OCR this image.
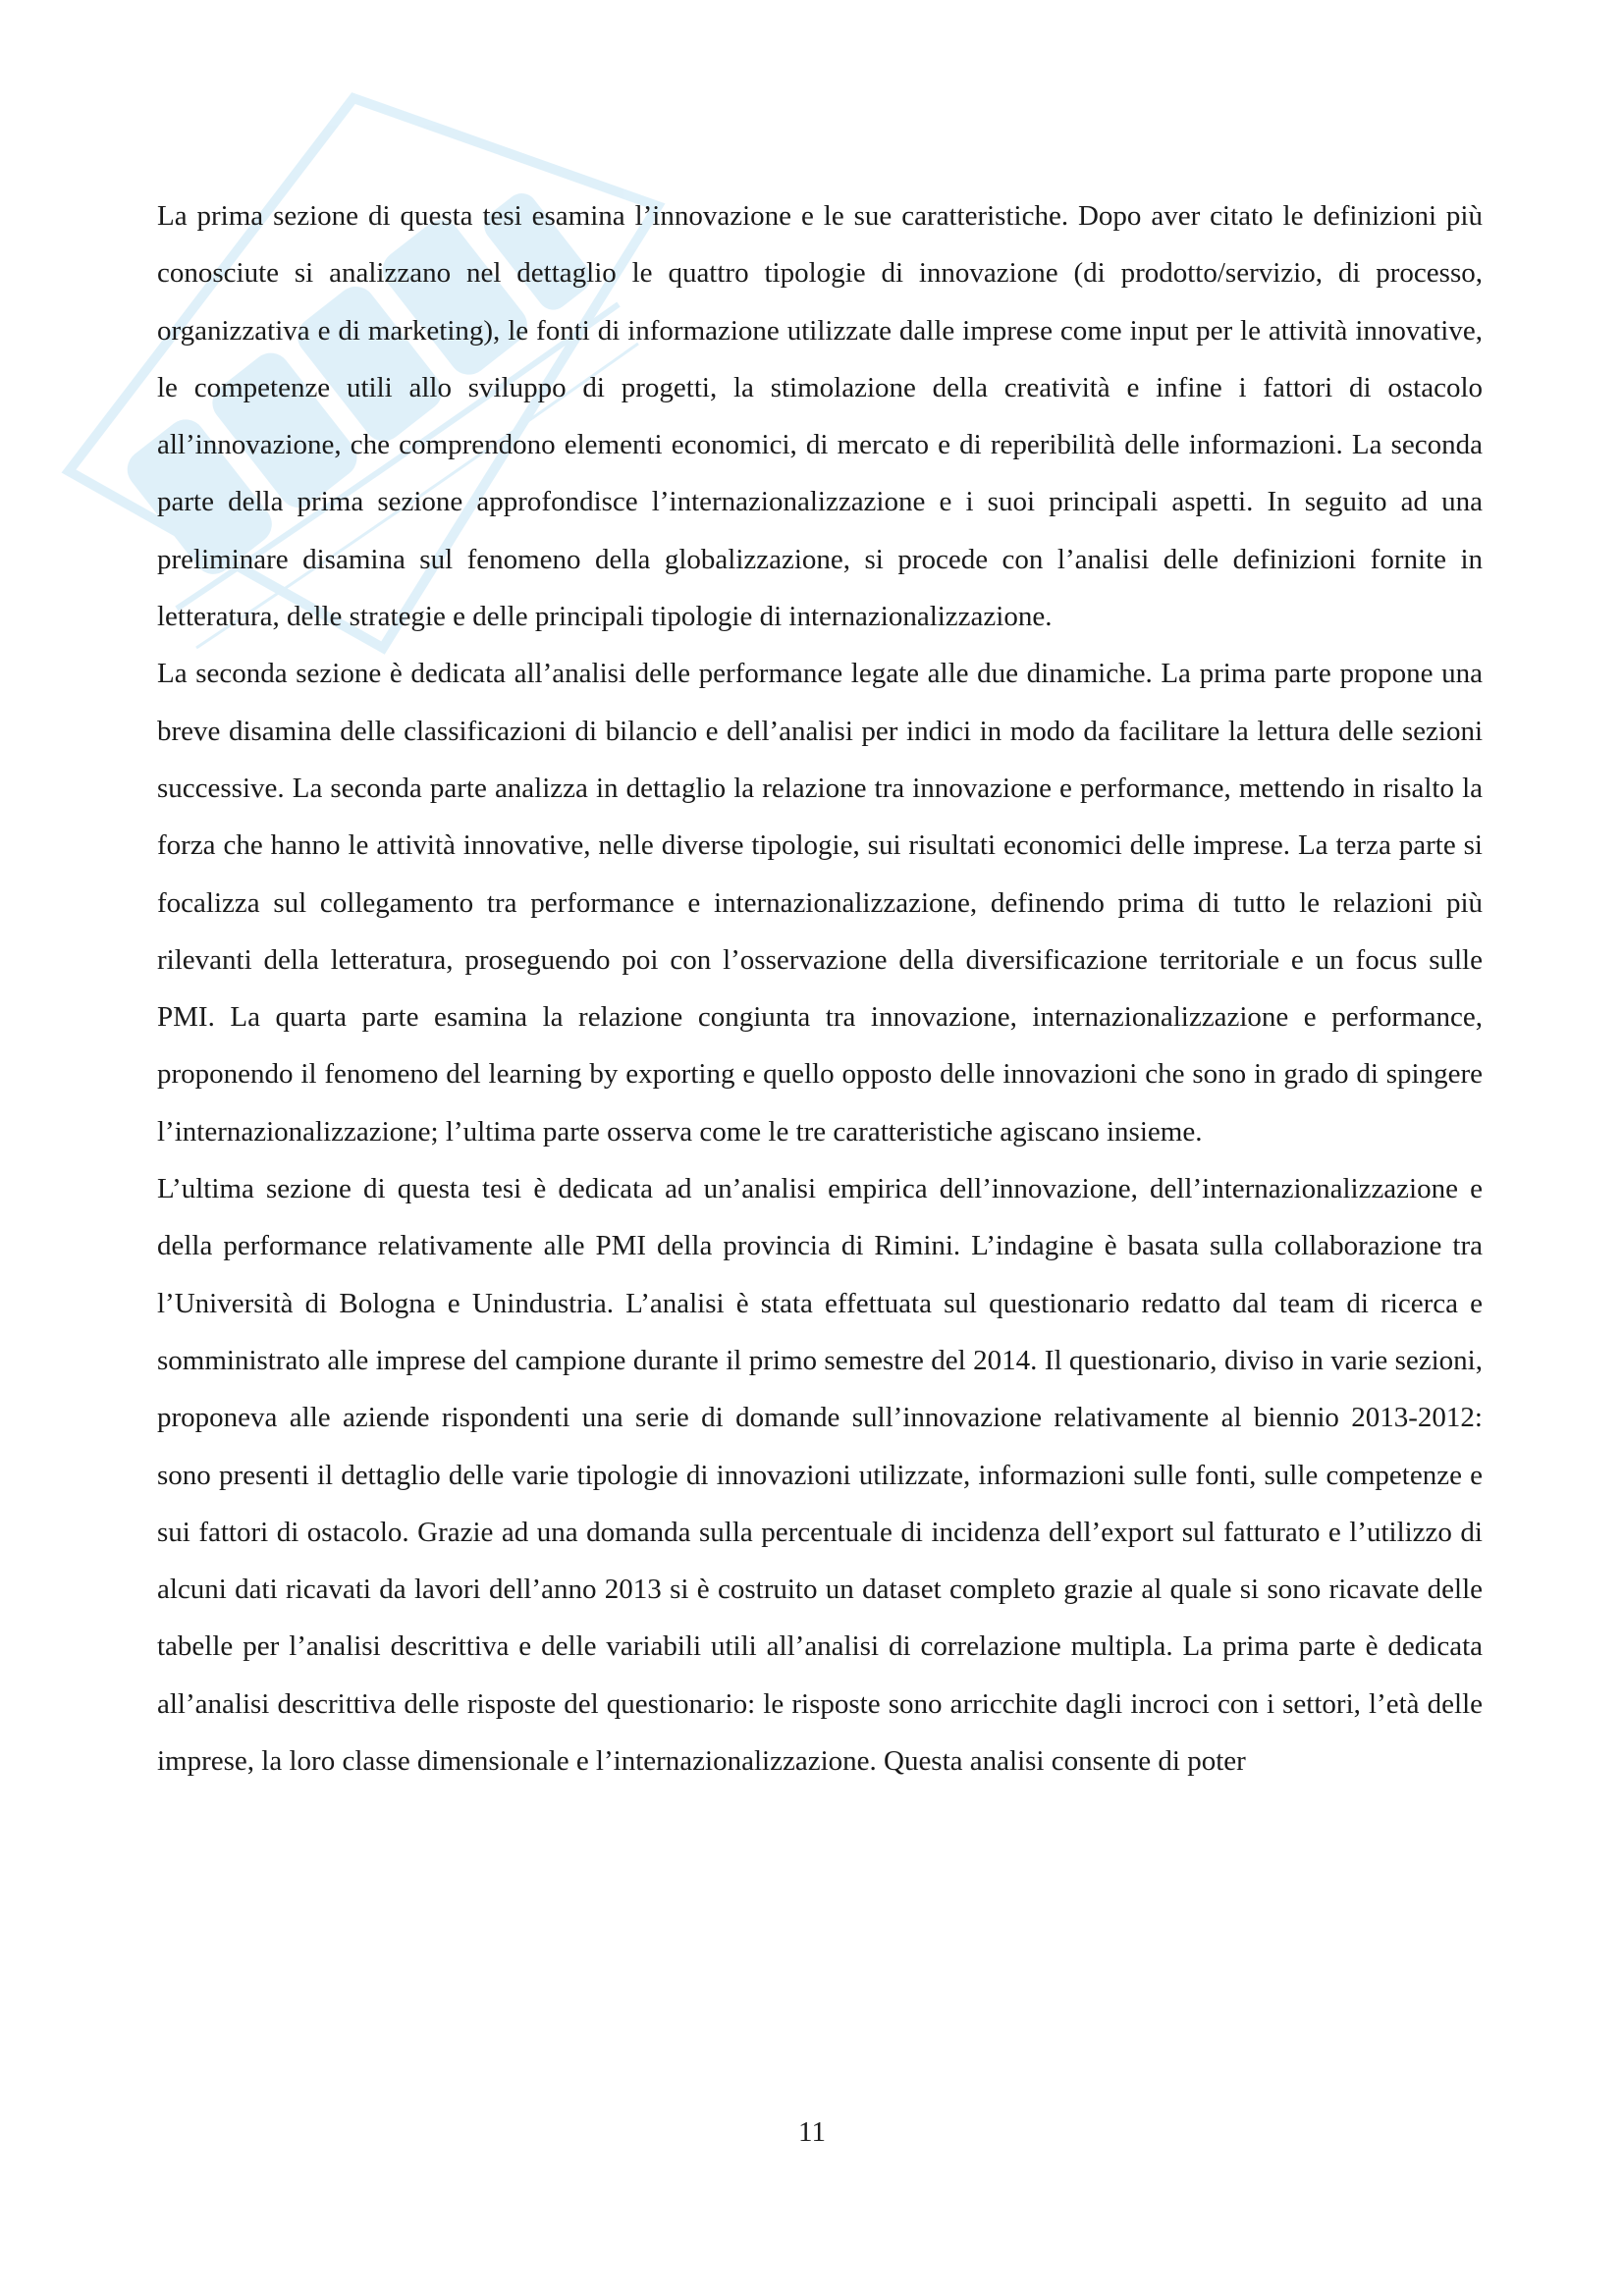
La prima sezione di questa tesi esamina l’innovazione e le sue caratteristiche. Dopo aver citato le definizioni più conosciute si analizzano nel dettaglio le quattro tipologie di innovazione (di prodotto/servizio, di processo, organizzativa e di marketing), le fonti di informazione utilizzate dalle imprese come input per le attività innovative, le competenze utili allo sviluppo di progetti, la stimolazione della creatività e infine i fattori di ostacolo all’innovazione, che comprendono elementi economici, di mercato e di reperibilità delle informazioni. La seconda parte della prima sezione approfondisce l’internazionalizzazione e i suoi principali aspetti. In seguito ad una preliminare disamina sul fenomeno della globalizzazione, si procede con l’analisi delle definizioni fornite in letteratura, delle strategie e delle principali tipologie di internazionalizzazione.

La seconda sezione è dedicata all’analisi delle performance legate alle due dinamiche. La prima parte propone una breve disamina delle classificazioni di bilancio e dell’analisi per indici in modo da facilitare la lettura delle sezioni successive. La seconda parte analizza in dettaglio la relazione tra innovazione e performance, mettendo in risalto la forza che hanno le attività innovative, nelle diverse tipologie, sui risultati economici delle imprese. La terza parte si focalizza sul collegamento tra performance e internazionalizzazione, definendo prima di tutto le relazioni più rilevanti della letteratura, proseguendo poi con l’osservazione della diversificazione territoriale e un focus sulle PMI. La quarta parte esamina la relazione congiunta tra innovazione, internazionalizzazione e performance, proponendo il fenomeno del learning by exporting e quello opposto delle innovazioni che sono in grado di spingere l’internazionalizzazione; l’ultima parte osserva come le tre caratteristiche agiscano insieme.

L’ultima sezione di questa tesi è dedicata ad un’analisi empirica dell’innovazione, dell’internazionalizzazione e della performance relativamente alle PMI della provincia di Rimini. L’indagine è basata sulla collaborazione tra l’Università di Bologna e Unindustria. L’analisi è stata effettuata sul questionario redatto dal team di ricerca e somministrato alle imprese del campione durante il primo semestre del 2014. Il questionario, diviso in varie sezioni, proponeva alle aziende rispondenti una serie di domande sull’innovazione relativamente al biennio 2013-2012: sono presenti il dettaglio delle varie tipologie di innovazioni utilizzate, informazioni sulle fonti, sulle competenze e sui fattori di ostacolo. Grazie ad una domanda sulla percentuale di incidenza dell’export sul fatturato e l’utilizzo di alcuni dati ricavati da lavori dell’anno 2013 si è costruito un dataset completo grazie al quale si sono ricavate delle tabelle per l’analisi descrittiva e delle variabili utili all’analisi di correlazione multipla. La prima parte è dedicata all’analisi descrittiva delle risposte del questionario: le risposte sono arricchite dagli incroci con i settori, l’età delle imprese, la loro classe dimensionale e l’internazionalizzazione. Questa analisi consente di poter

11
